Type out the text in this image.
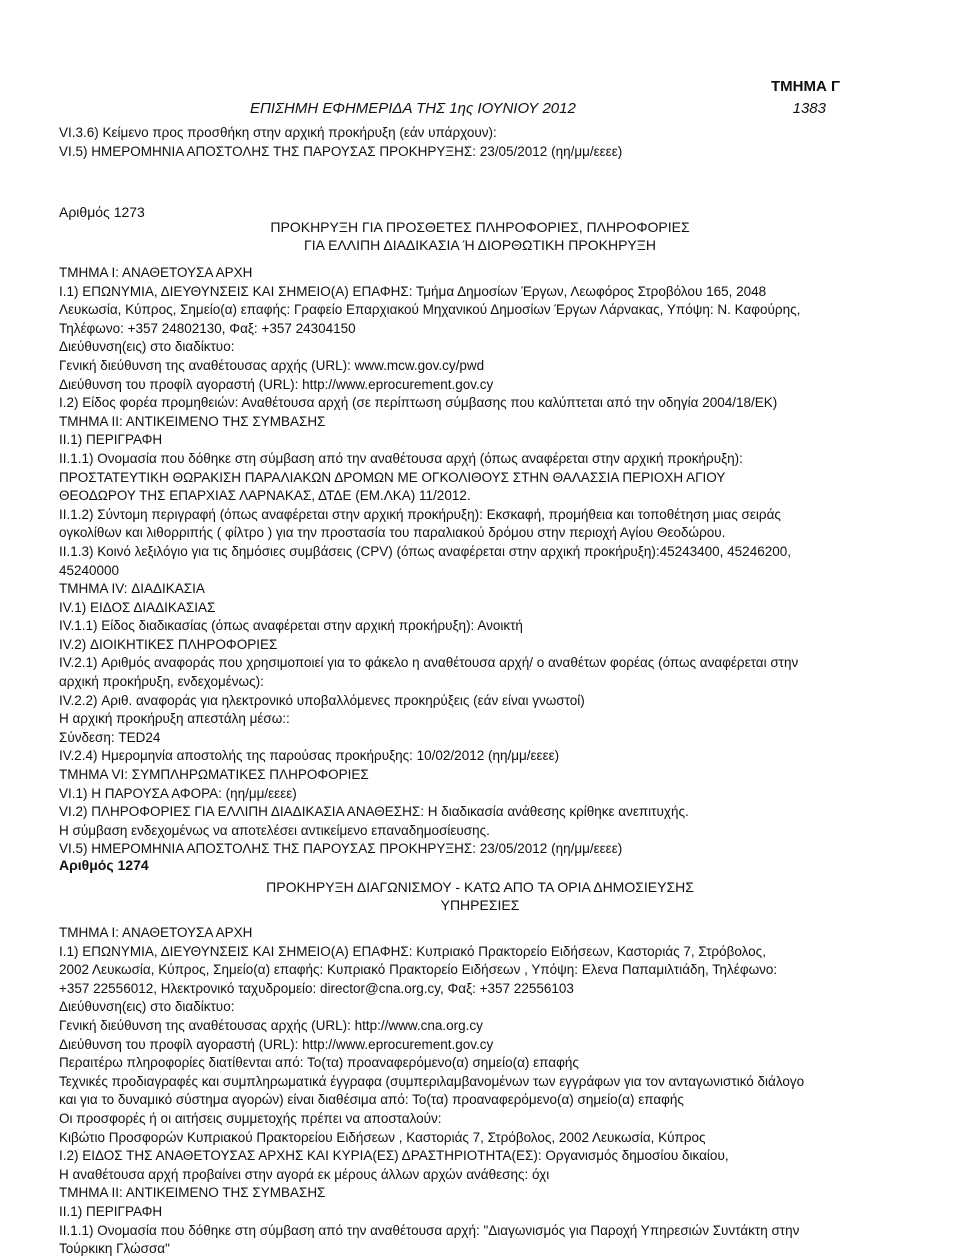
ΤΜΗΜΑ Γ
ΕΠΙΣΗΜΗ ΕΦΗΜΕΡΙΔΑ ΤΗΣ 1ης ΙΟΥΝΙΟΥ 2012	1383

VI.3.6) Κείμενο προς προσθήκη στην αρχική προκήρυξη (εάν υπάρχουν):

VI.5) ΗΜΕΡΟΜΗΝΙΑ ΑΠΟΣΤΟΛΗΣ ΤΗΣ ΠΑΡΟΥΣΑΣ ΠΡΟΚΗΡΥΞΗΣ: 23/05/2012 (ηη/μμ/εεεε)

Αριθμός 1273
ΠΡΟΚΗΡΥΞΗ ΓΙΑ ΠΡΟΣΘΕΤΕΣ ΠΛΗΡΟΦΟΡΙΕΣ, ΠΛΗΡΟΦΟΡΙΕΣ
ΓΙΑ ΕΛΛΙΠΗ ΔΙΑΔΙΚΑΣΙΑ Ή ΔΙΟΡΘΩΤΙΚΗ ΠΡΟΚΗΡΥΞΗ

ΤΜΗΜΑ Ι: ΑΝΑΘΕΤΟΥΣΑ ΑΡΧΗ

Ι.1) ΕΠΩΝΥΜΙΑ, ΔΙΕΥΘΥΝΣΕΙΣ ΚΑΙ ΣΗΜΕΙΟ(Α) ΕΠΑΦΗΣ: Τμήμα Δημοσίων Έργων, Λεωφόρος Στροβόλου 165, 2048

Λευκωσία, Κύπρος, Σημείο(α) επαφής: Γραφείο Επαρχιακού Μηχανικού Δημοσίων Έργων Λάρνακας, Υπόψη: Ν. Καφούρης,

Τηλέφωνο: +357 24802130, Φαξ: +357 24304150

Διεύθυνση(εις) στο διαδίκτυο:

Γενική διεύθυνση της αναθέτουσας αρχής (URL): www.mcw.gov.cy/pwd

Διεύθυνση του προφίλ αγοραστή (URL): http://www.eprocurement.gov.cy

Ι.2) Είδος φορέα προμηθειών: Αναθέτουσα αρχή (σε περίπτωση σύμβασης που καλύπτεται από την οδηγία 2004/18/ΕΚ)

ΤΜΗΜΑ ΙΙ: ΑΝΤΙΚΕΙΜΕΝΟ ΤΗΣ ΣΥΜΒΑΣΗΣ

ΙΙ.1) ΠΕΡΙΓΡΑΦΗ

ΙΙ.1.1) Ονομασία που δόθηκε στη σύμβαση από την αναθέτουσα αρχή (όπως αναφέρεται στην αρχική προκήρυξη):

ΠΡΟΣΤΑΤΕΥΤΙΚΗ ΘΩΡΑΚΙΣΗ ΠΑΡΑΛΙΑΚΩΝ ΔΡΟΜΩΝ ΜΕ ΟΓΚΟΛΙΘΟΥΣ ΣΤΗΝ ΘΑΛΑΣΣΙΑ ΠΕΡΙΟΧΗ ΑΓΙΟΥ

ΘΕΟΔΩΡΟΥ ΤΗΣ ΕΠΑΡΧΙΑΣ ΛΑΡΝΑΚΑΣ, ΔΤΔΕ (ΕΜ.ΛΚΑ) 11/2012.

ΙΙ.1.2) Σύντομη περιγραφή (όπως αναφέρεται στην αρχική προκήρυξη): Εκσκαφή, προμήθεια και τοποθέτηση μιας σειράς

ογκολίθων και λιθορριπής ( φίλτρο ) για την προστασία του παραλιακού δρόμου στην περιοχή Αγίου Θεοδώρου.

ΙΙ.1.3) Κοινό λεξιλόγιο για τις δημόσιες συμβάσεις (CPV) (όπως αναφέρεται στην αρχική προκήρυξη):45243400, 45246200,

45240000

ΤΜΗΜΑ IV: ΔΙΑΔΙΚΑΣΙΑ

IV.1) ΕΙΔΟΣ ΔΙΑΔΙΚΑΣΙΑΣ

IV.1.1) Είδος διαδικασίας (όπως αναφέρεται στην αρχική προκήρυξη): Ανοικτή

IV.2) ΔΙΟΙΚΗΤΙΚΕΣ ΠΛΗΡΟΦΟΡΙΕΣ

IV.2.1) Αριθμός αναφοράς που χρησιμοποιεί για το φάκελο η αναθέτουσα αρχή/ ο αναθέτων φορέας (όπως αναφέρεται στην

αρχική προκήρυξη, ενδεχομένως):

IV.2.2) Αριθ. αναφοράς για ηλεκτρονικό υποβαλλόμενες προκηρύξεις (εάν είναι γνωστοί)

Η αρχική προκήρυξη απεστάλη μέσω::

Σύνδεση: TED24

IV.2.4) Ημερομηνία αποστολής της παρούσας προκήρυξης: 10/02/2012 (ηη/μμ/εεεε)

ΤΜΗΜΑ VI: ΣΥΜΠΛΗΡΩΜΑΤΙΚΕΣ ΠΛΗΡΟΦΟΡΙΕΣ

VI.1) Η ΠΑΡΟΥΣΑ ΑΦΟΡΑ: (ηη/μμ/εεεε)

VI.2) ΠΛΗΡΟΦΟΡΙΕΣ ΓΙΑ ΕΛΛΙΠΗ ΔΙΑΔΙΚΑΣΙΑ ΑΝΑΘΕΣΗΣ: Η διαδικασία ανάθεσης κρίθηκε ανεπιτυχής.

Η σύμβαση ενδεχομένως να αποτελέσει αντικείμενο επαναδημοσίευσης.

VI.5) ΗΜΕΡΟΜΗΝΙΑ ΑΠΟΣΤΟΛΗΣ ΤΗΣ ΠΑΡΟΥΣΑΣ ΠΡΟΚΗΡΥΞΗΣ: 23/05/2012 (ηη/μμ/εεεε)

Αριθμός 1274
ΠΡΟΚΗΡΥΞΗ ΔΙΑΓΩΝΙΣΜΟΥ - ΚΑΤΩ ΑΠΟ ΤΑ ΟΡΙΑ ΔΗΜΟΣΙΕΥΣΗΣ
ΥΠΗΡΕΣΙΕΣ

ΤΜΗΜΑ Ι: ΑΝΑΘΕΤΟΥΣΑ ΑΡΧΗ

Ι.1) ΕΠΩΝΥΜΙΑ, ΔΙΕΥΘΥΝΣΕΙΣ ΚΑΙ ΣΗΜΕΙΟ(Α) ΕΠΑΦΗΣ: Κυπριακό Πρακτορείο Ειδήσεων, Καστοριάς 7, Στρόβολος,

2002 Λευκωσία, Κύπρος, Σημείο(α) επαφής: Κυπριακό Πρακτορείο Ειδήσεων , Υπόψη: Ελενα Παπαμιλτιάδη, Τηλέφωνο:

+357 22556012, Ηλεκτρονικό ταχυδρομείο: director@cna.org.cy, Φαξ: +357 22556103

Διεύθυνση(εις) στο διαδίκτυο:

Γενική διεύθυνση της αναθέτουσας αρχής (URL): http://www.cna.org.cy

Διεύθυνση του προφίλ αγοραστή (URL): http://www.eprocurement.gov.cy

Περαιτέρω πληροφορίες διατίθενται από: Το(τα) προαναφερόμενο(α) σημείο(α) επαφής

Τεχνικές προδιαγραφές και συμπληρωματικά έγγραφα (συμπεριλαμβανομένων των εγγράφων για τον ανταγωνιστικό διάλογο

και για το δυναμικό σύστημα αγορών) είναι διαθέσιμα από: Το(τα) προαναφερόμενο(α) σημείο(α) επαφής

Οι προσφορές ή οι αιτήσεις συμμετοχής πρέπει να αποσταλούν:

Κιβώτιο Προσφορών Κυπριακού Πρακτορείου Ειδήσεων , Καστοριάς 7, Στρόβολος, 2002 Λευκωσία, Κύπρος

Ι.2) ΕΙΔΟΣ ΤΗΣ ΑΝΑΘΕΤΟΥΣΑΣ ΑΡΧΗΣ ΚΑΙ ΚΥΡΙΑ(ΕΣ) ΔΡΑΣΤΗΡΙΟΤΗΤΑ(ΕΣ): Οργανισμός δημοσίου δικαίου,

Η αναθέτουσα αρχή προβαίνει στην αγορά εκ μέρους άλλων αρχών ανάθεσης: όχι

ΤΜΗΜΑ ΙΙ: ΑΝΤΙΚΕΙΜΕΝΟ ΤΗΣ ΣΥΜΒΑΣΗΣ

ΙΙ.1) ΠΕΡΙΓΡΑΦΗ

ΙΙ.1.1) Ονομασία που δόθηκε στη σύμβαση από την αναθέτουσα αρχή: "Διαγωνισμός για Παροχή Υπηρεσιών Συντάκτη στην

Τούρκικη Γλώσσα"
